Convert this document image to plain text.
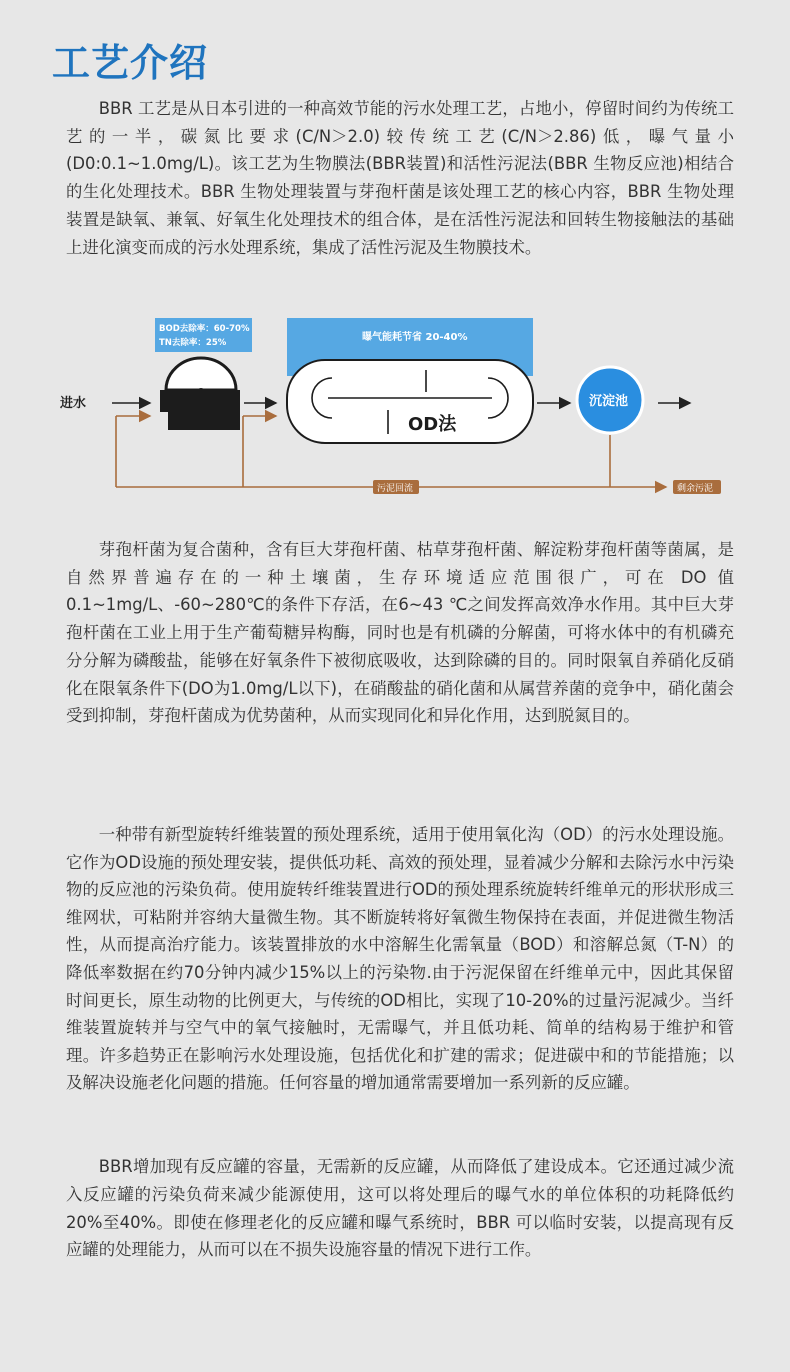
工艺介绍

BBR 工艺是从日本引进的一种高效节能的污水处理工艺，占地小，停留时间约为传统工艺的一半，碳氮比要求(C/N＞2.0)较传统工艺(C/N＞2.86)低，曝气量小(D0:0.1~1.0mg/L)。该工艺为生物膜法(BBR装置)和活性污泥法(BBR 生物反应池)相结合的生化处理技术。BBR 生物处理装置与芽孢杆菌是该处理工艺的核心内容，BBR 生物处理装置是缺氧、兼氧、好氧生化处理技术的组合体，是在活性污泥法和回转生物接触法的基础上进化演变而成的污水处理系统，集成了活性污泥及生物膜技术。

进水
BOD去除率：60-70%
TN去除率：25%	曝气能耗节省 20-40%
OD法
沉淀池
污泥回流	剩余污泥

芽孢杆菌为复合菌种，含有巨大芽孢杆菌、枯草芽孢杆菌、解淀粉芽孢杆菌等菌属，是自然界普遍存在的一种土壤菌，生存环境适应范围很广，可在 DO 值0.1~1mg/L、-60~280℃的条件下存活，在6~43 ℃之间发挥高效净水作用。其中巨大芽孢杆菌在工业上用于生产葡萄糖异构酶，同时也是有机磷的分解菌，可将水体中的有机磷充分分解为磷酸盐，能够在好氧条件下被彻底吸收，达到除磷的目的。同时限氧自养硝化反硝化在限氧条件下(DO为1.0mg/L以下)，在硝酸盐的硝化菌和从属营养菌的竞争中，硝化菌会受到抑制，芽孢杆菌成为优势菌种，从而实现同化和异化作用，达到脱氮目的。

一种带有新型旋转纤维装置的预处理系统，适用于使用氧化沟（OD）的污水处理设施。它作为OD设施的预处理安装，提供低功耗、高效的预处理，显着减少分解和去除污水中污染物的反应池的污染负荷。使用旋转纤维装置进行OD的预处理系统旋转纤维单元的形状形成三维网状，可粘附并容纳大量微生物。其不断旋转将好氧微生物保持在表面，并促进微生物活性，从而提高治疗能力。该装置排放的水中溶解生化需氧量（BOD）和溶解总氮（T-N）的降低率数据在约70分钟内减少15%以上的污染物.由于污泥保留在纤维单元中，因此其保留时间更长，原生动物的比例更大，与传统的OD相比，实现了10-20%的过量污泥减少。当纤维装置旋转并与空气中的氧气接触时，无需曝气，并且低功耗、简单的结构易于维护和管理。许多趋势正在影响污水处理设施，包括优化和扩建的需求；促进碳中和的节能措施；以及解决设施老化问题的措施。任何容量的增加通常需要增加一系列新的反应罐。

BBR增加现有反应罐的容量，无需新的反应罐，从而降低了建设成本。它还通过减少流入反应罐的污染负荷来减少能源使用，这可以将处理后的曝气水的单位体积的功耗降低约20%至40%。即使在修理老化的反应罐和曝气系统时，BBR 可以临时安装，以提高现有反应罐的处理能力，从而可以在不损失设施容量的情况下进行工作。
